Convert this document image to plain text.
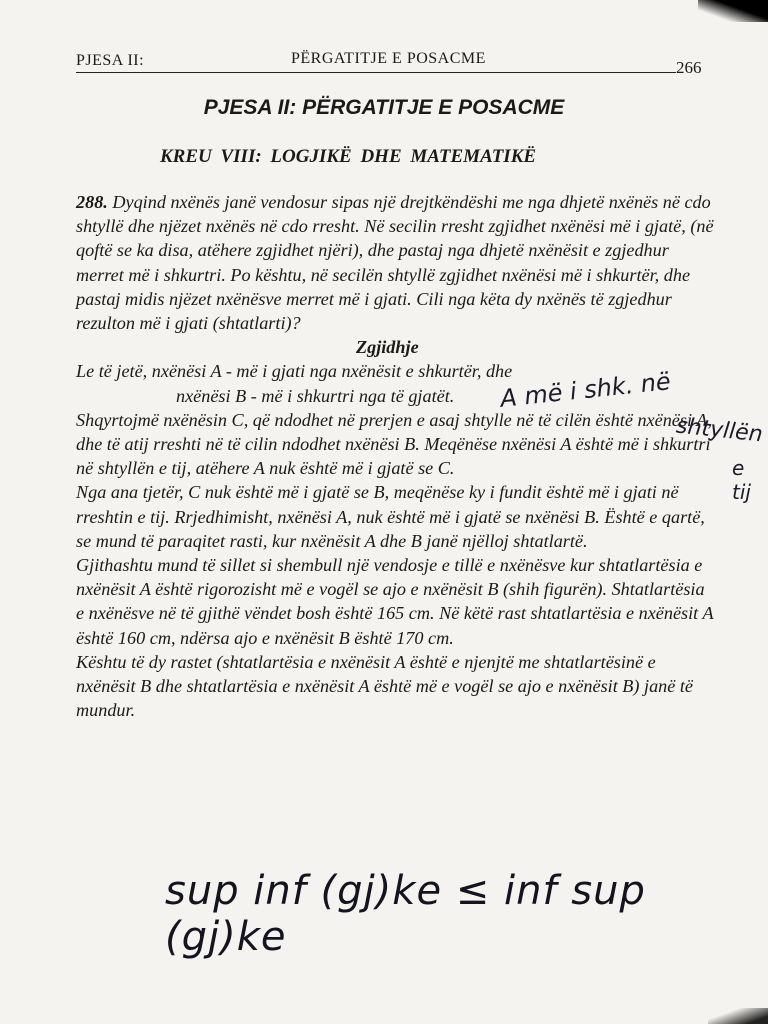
PJESA II:	PËRGATITJE E POSACME	266
PJESA II: PËRGATITJE E POSACME
KREU VIII: LOGJIKË DHE MATEMATIKË

288. Dyqind nxënës janë vendosur sipas një drejtkëndëshi me nga dhjetë nxënës në cdo shtyllë dhe njëzet nxënës në cdo rresht. Në secilin rresht zgjidhet nxënësi më i gjatë, (në qoftë se ka disa, atëhere zgjidhet njëri), dhe pastaj nga dhjetë nxënësit e zgjedhur merret më i shkurtri. Po kështu, në secilën shtyllë zgjidhet nxënësi më i shkurtër, dhe pastaj midis njëzet nxënësve merret më i gjati. Cili nga këta dy nxënës të zgjedhur rezulton më i gjati (shtatlarti)?

Zgjidhje

Le të jetë, nxënësi A - më i gjati nga nxënësit e shkurtër, dhe

nxënësi B - më i shkurtri nga të gjatët.

Shqyrtojmë nxënësin C, që ndodhet në prerjen e asaj shtylle në të cilën është nxënësi A, dhe të atij rreshti në të cilin ndodhet nxënësi B. Meqënëse nxënësi A është më i shkurtri në shtyllën e tij, atëhere A nuk është më i gjatë se C.

Nga ana tjetër, C nuk është më i gjatë se B, meqënëse ky i fundit është më i gjati në rreshtin e tij. Rrjedhimisht, nxënësi A, nuk është më i gjatë se nxënësi B. Është e qartë, se mund të paraqitet rasti, kur nxënësit A dhe B janë njëlloj shtatlartë.

Gjithashtu mund të sillet si shembull një vendosje e tillë e nxënësve kur shtatlartësia e nxënësit A është rigorozisht më e vogël se ajo e nxënësit B (shih figurën). Shtatlartësia e nxënësve në të gjithë vëndet bosh është 165 cm. Në këtë rast shtatlartësia e nxënësit A është 160 cm, ndërsa ajo e nxënësit B është 170 cm.

Kështu të dy rastet (shtatlartësia e nxënësit A është e njenjtë me shtatlartësinë e nxënësit B dhe shtatlartësia e nxënësit A është më e vogël se ajo e nxënësit B) janë të mundur.

A më i shk. në
shtyllën
e tij
sup inf (gj)ke ≤ inf sup (gj)ke
